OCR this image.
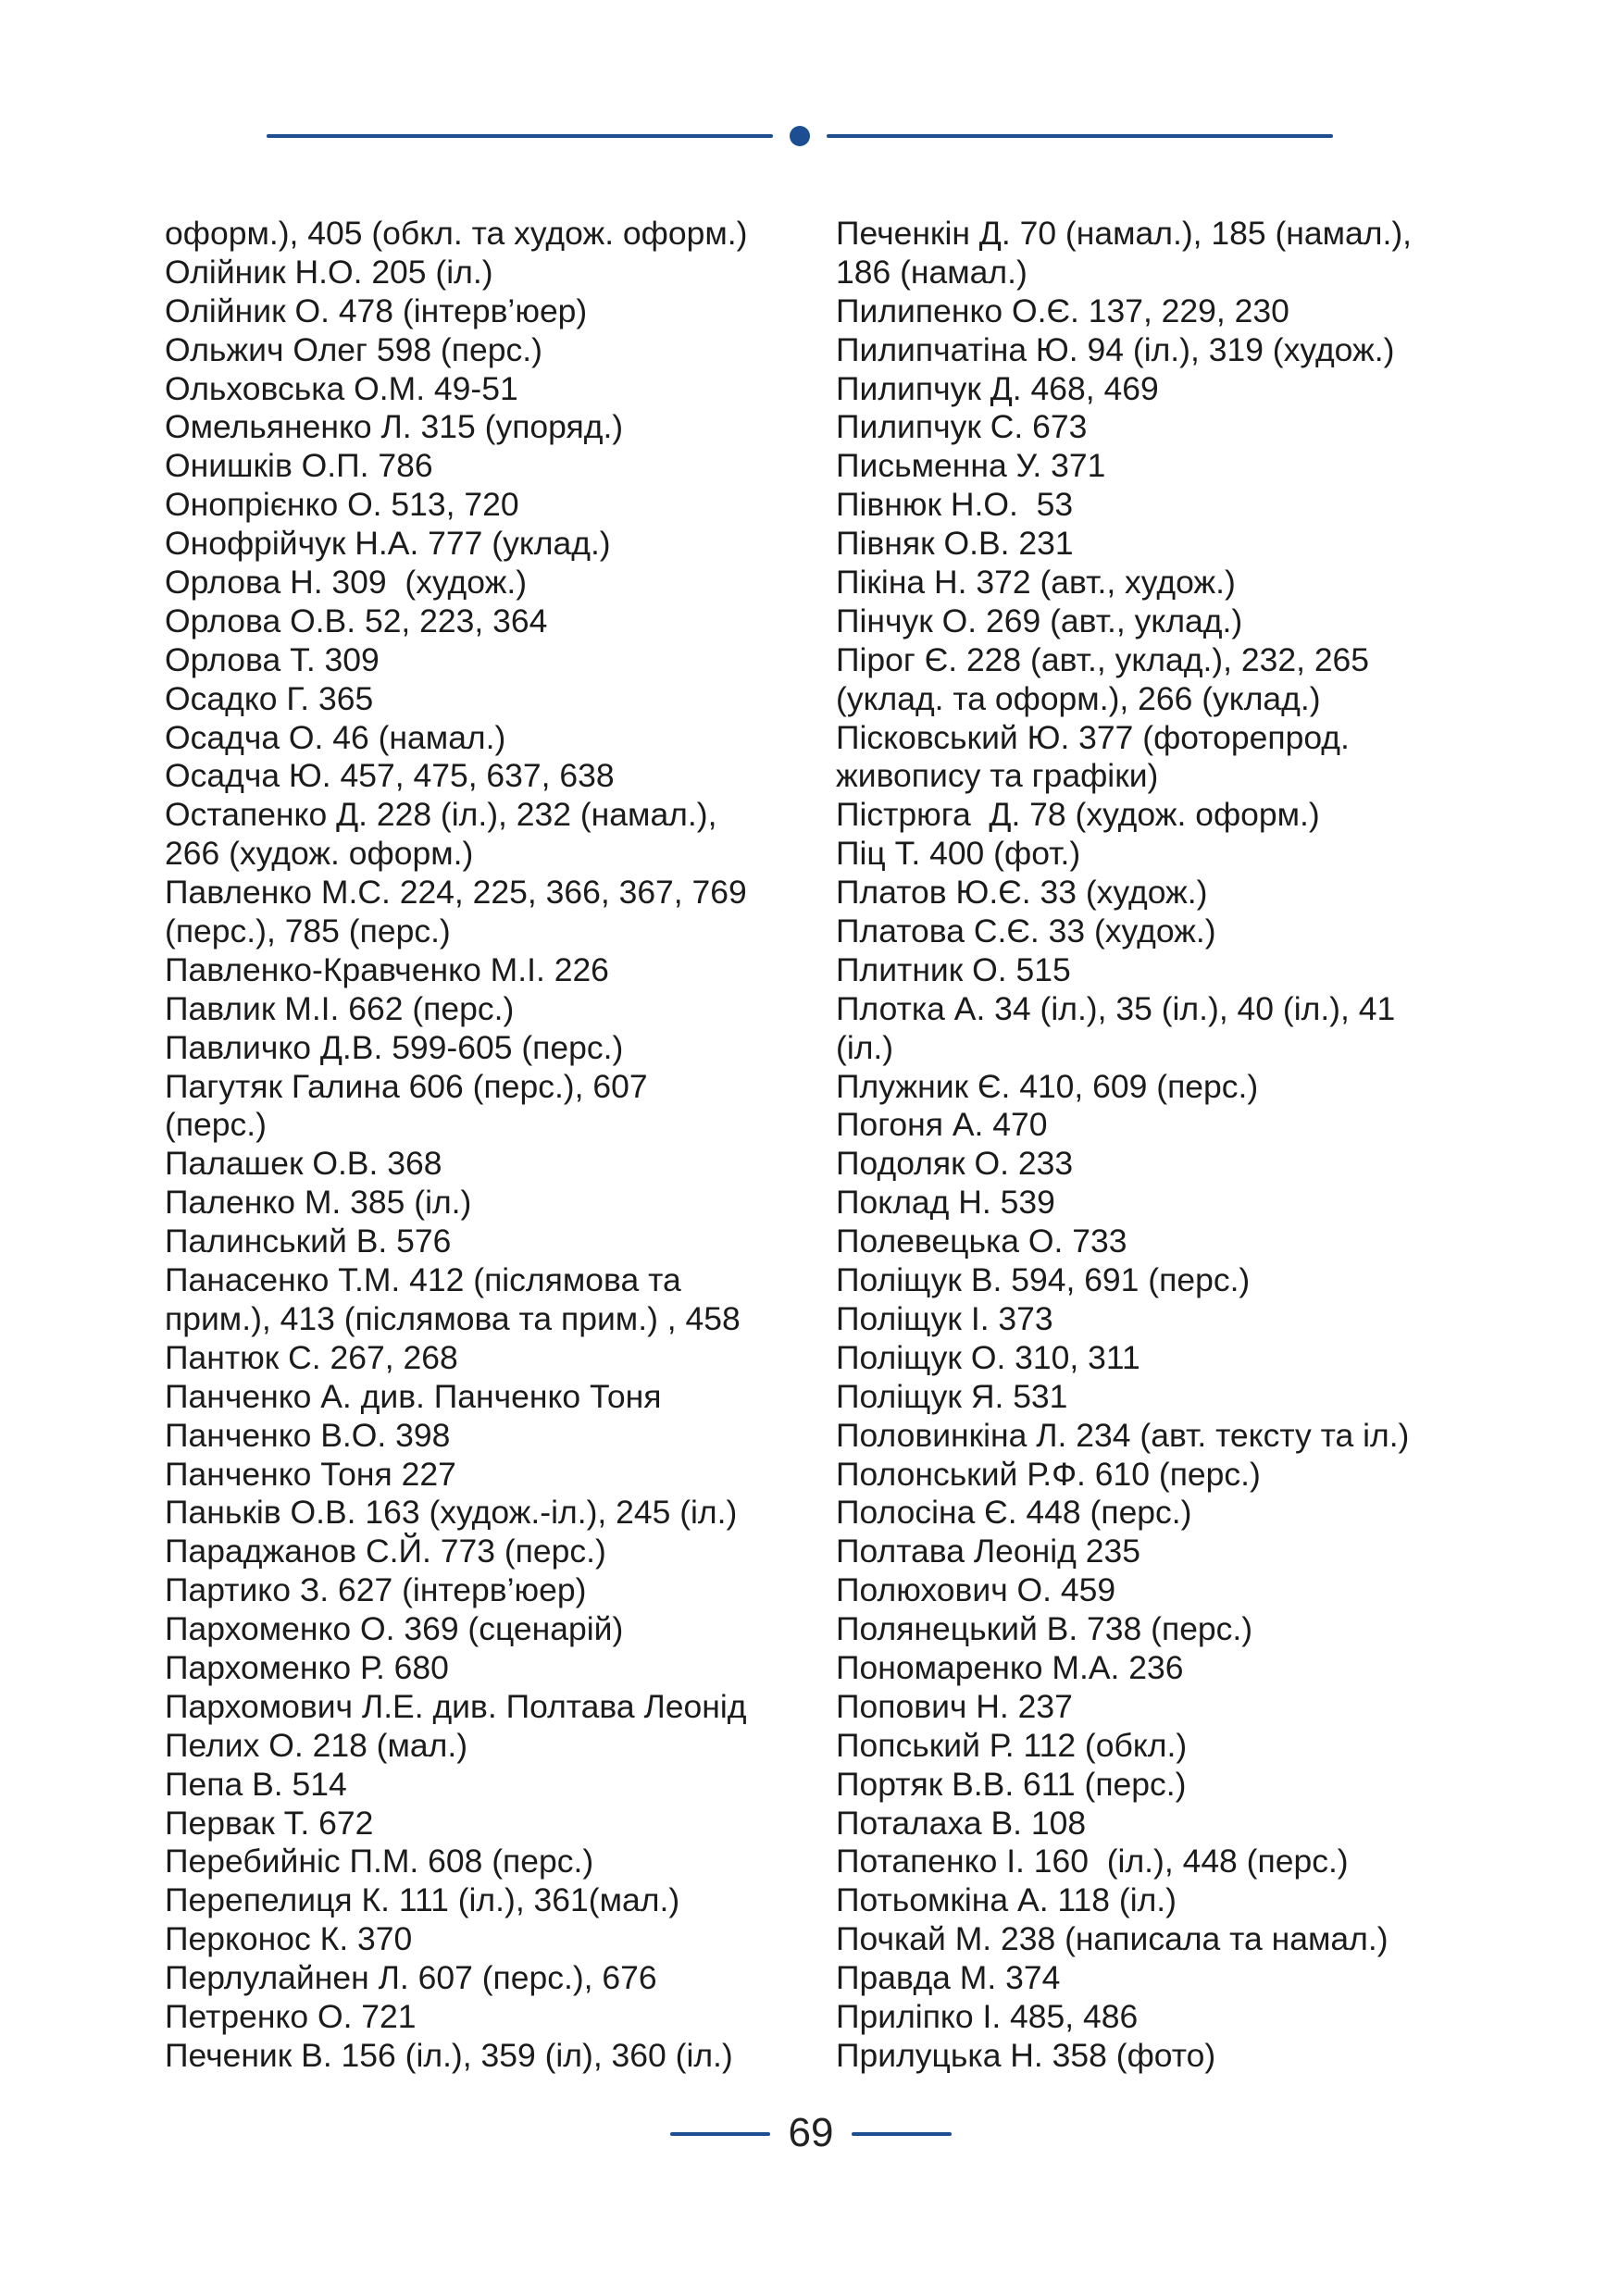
оформ.), 405 (обкл. та худож. оформ.)
Олійник Н.О. 205 (іл.)
Олійник О. 478 (інтерв’юер)
Ольжич Олег 598 (перс.)
Ольховська О.М. 49-51
Омельяненко Л. 315 (упоряд.)
Онишків О.П. 786
Онопрієнко О. 513, 720
Онофрійчук Н.А. 777 (уклад.)
Орлова Н. 309  (худож.)
Орлова О.В. 52, 223, 364
Орлова Т. 309
Осадко Г. 365
Осадча О. 46 (намал.)
Осадча Ю. 457, 475, 637, 638
Остапенко Д. 228 (іл.), 232 (намал.),
266 (худож. оформ.)
Павленко М.С. 224, 225, 366, 367, 769
(перс.), 785 (перс.)
Павленко-Кравченко М.І. 226
Павлик М.І. 662 (перс.)
Павличко Д.В. 599-605 (перс.)
Пагутяк Галина 606 (перс.), 607
(перс.)
Палашек О.В. 368
Паленко М. 385 (іл.)
Палинський В. 576
Панасенко Т.М. 412 (післямова та
прим.), 413 (післямова та прим.) , 458
Пантюк С. 267, 268
Панченко А. див. Панченко Тоня
Панченко В.О. 398
Панченко Тоня 227
Паньків О.В. 163 (худож.-іл.), 245 (іл.)
Параджанов С.Й. 773 (перс.)
Партико З. 627 (інтерв’юер)
Пархоменко О. 369 (сценарій)
Пархоменко Р. 680
Пархомович Л.Е. див. Полтава Леонід
Пелих О. 218 (мал.)
Пепа В. 514
Первак Т. 672
Перебийніс П.М. 608 (перс.)
Перепелиця К. 111 (іл.), 361(мал.)
Перконос К. 370
Перлулайнен Л. 607 (перс.), 676
Петренко О. 721
Печеник В. 156 (іл.), 359 (іл), 360 (іл.)
Печенкін Д. 70 (намал.), 185 (намал.),
186 (намал.)
Пилипенко О.Є. 137, 229, 230
Пилипчатіна Ю. 94 (іл.), 319 (худож.)
Пилипчук Д. 468, 469
Пилипчук С. 673
Письменна У. 371
Півнюк Н.О.  53
Півняк О.В. 231
Пікіна Н. 372 (авт., худож.)
Пінчук О. 269 (авт., уклад.)
Пірог Є. 228 (авт., уклад.), 232, 265
(уклад. та оформ.), 266 (уклад.)
Пісковський Ю. 377 (фоторепрод.
живопису та графіки)
Пістрюга  Д. 78 (худож. оформ.)
Піц Т. 400 (фот.)
Платов Ю.Є. 33 (худож.)
Платова С.Є. 33 (худож.)
Плитник О. 515
Плотка А. 34 (іл.), 35 (іл.), 40 (іл.), 41
(іл.)
Плужник Є. 410, 609 (перс.)
Погоня А. 470
Подоляк О. 233
Поклад Н. 539
Полевецька О. 733
Поліщук В. 594, 691 (перс.)
Поліщук І. 373
Поліщук О. 310, 311
Поліщук Я. 531
Половинкіна Л. 234 (авт. тексту та іл.)
Полонський Р.Ф. 610 (перс.)
Полосіна Є. 448 (перс.)
Полтава Леонід 235
Полюхович О. 459
Полянецький В. 738 (перс.)
Пономаренко М.А. 236
Попович Н. 237
Попський Р. 112 (обкл.)
Портяк В.В. 611 (перс.)
Поталаха В. 108
Потапенко І. 160  (іл.), 448 (перс.)
Потьомкіна А. 118 (іл.)
Почкай М. 238 (написала та намал.)
Правда М. 374
Приліпко І. 485, 486
Прилуцька Н. 358 (фото)
69
